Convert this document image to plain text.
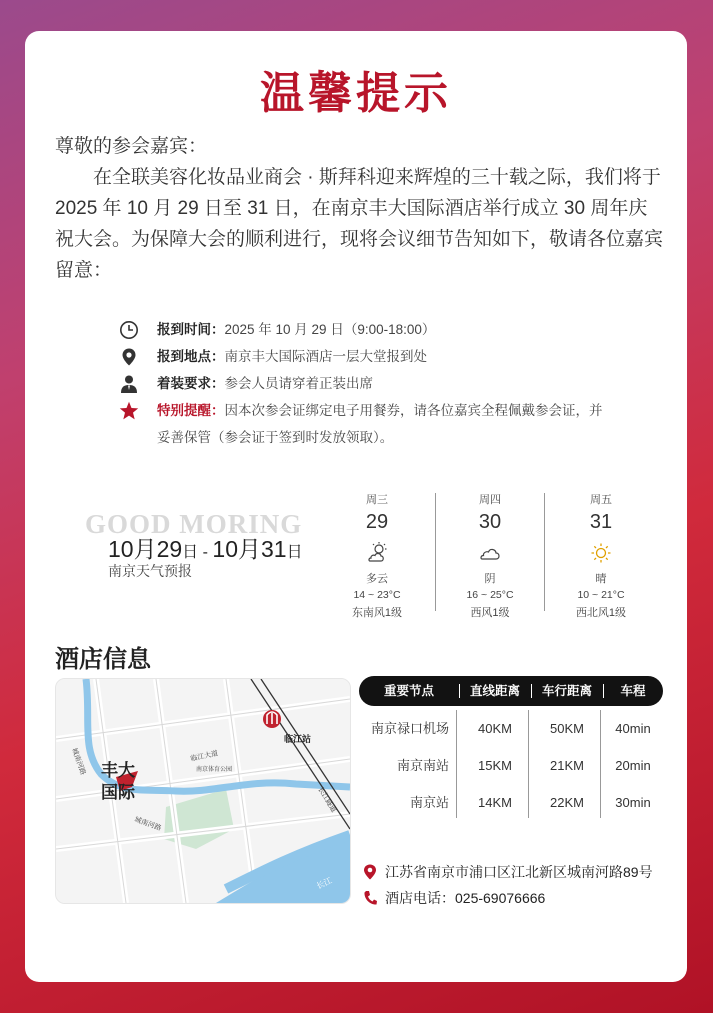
温馨提示

尊敬的参会嘉宾：

在全联美容化妆品业商会 · 斯拜科迎来辉煌的三十载之际，我们将于 2025 年 10 月 29 日至 31 日，在南京丰大国际酒店举行成立 30 周年庆祝大会。为保障大会的顺利进行，现将会议细节告知如下，敬请各位嘉宾留意：

报到时间：2025 年 10 月 29 日（9:00-18:00）
报到地点：南京丰大国际酒店一层大堂报到处
着装要求：参会人员请穿着正装出席
特别提醒：因本次参会证绑定电子用餐券，请各位嘉宾全程佩戴参会证，并妥善保管（参会证于签到时发放领取）。
GOOD MORING
10月29日 - 10月31日
南京天气预报
周三
29
多云
14 ~ 23°C
东南风1级
周四
30
阴
16 ~ 25°C
西风1级
周五
31
晴
10 ~ 21°C
西北风1级
酒店信息
丰大
国际
临江站
临江大道
城南河路
城南河路
南京体育公园
长江隧道
长江
重要节点	直线距离	车行距离	车程
南京禄口机场	40KM	50KM	40min
南京南站	15KM	21KM	20min
南京站	14KM	22KM	30min
江苏省南京市浦口区江北新区城南河路89号
酒店电话：025-69076666
